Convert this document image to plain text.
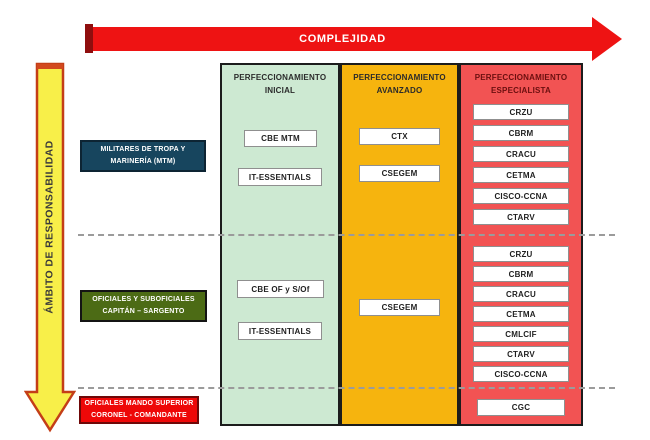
COMPLEJIDAD
ÁMBITO DE RESPONSABILIDAD
PERFECCIONAMIENTO
INICIAL
PERFECCIONAMIENTO
AVANZADO
PERFECCIONAMIENTO
ESPECIALISTA
MILITARES DE TROPA Y
MARINERÍA (MTM)
OFICIALES Y SUBOFICIALES
CAPITÁN – SARGENTO
OFICIALES MANDO SUPERIOR
CORONEL - COMANDANTE
CBE MTM
IT-ESSENTIALS
CBE OF y S/Of
IT-ESSENTIALS
CTX
CSEGEM
CSEGEM
CRZU
CBRM
CRACU
CETMA
CISCO-CCNA
CTARV
CRZU
CBRM
CRACU
CETMA
CMLCIF
CTARV
CISCO-CCNA
CGC
